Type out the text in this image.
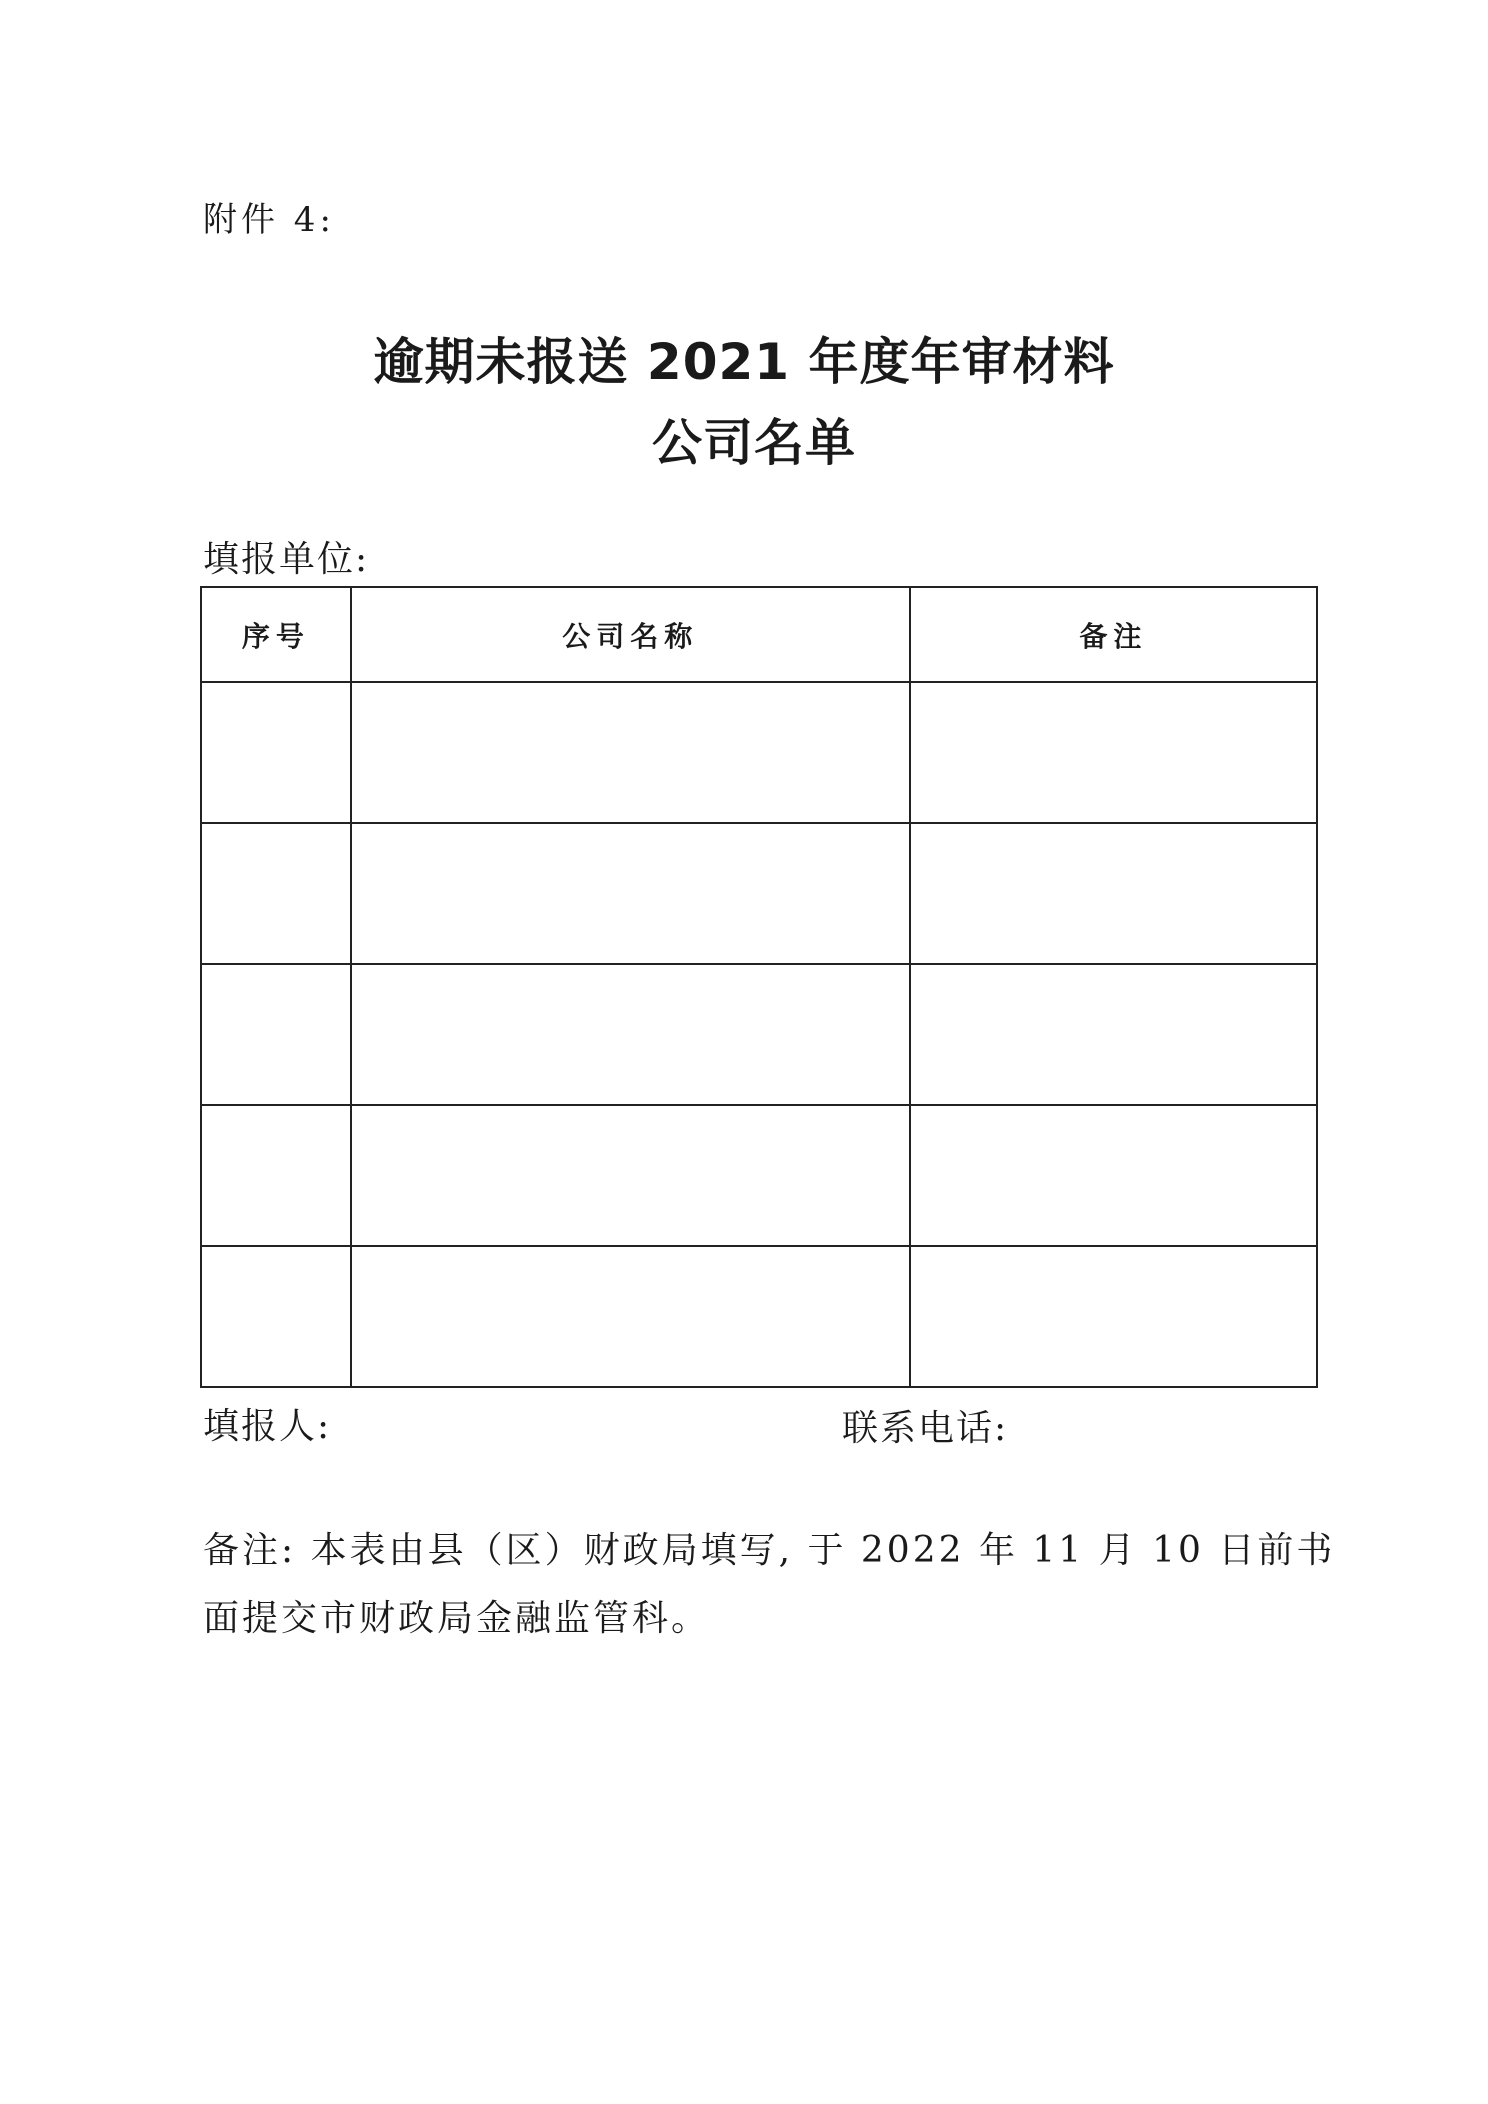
附件 4:
逾期未报送 2021 年度年审材料
公司名单
填报单位:
序号	公司名称	备注

填报人:	联系电话:
备注: 本表由县（区）财政局填写, 于 2022 年 11 月 10 日前书
面提交市财政局金融监管科。
